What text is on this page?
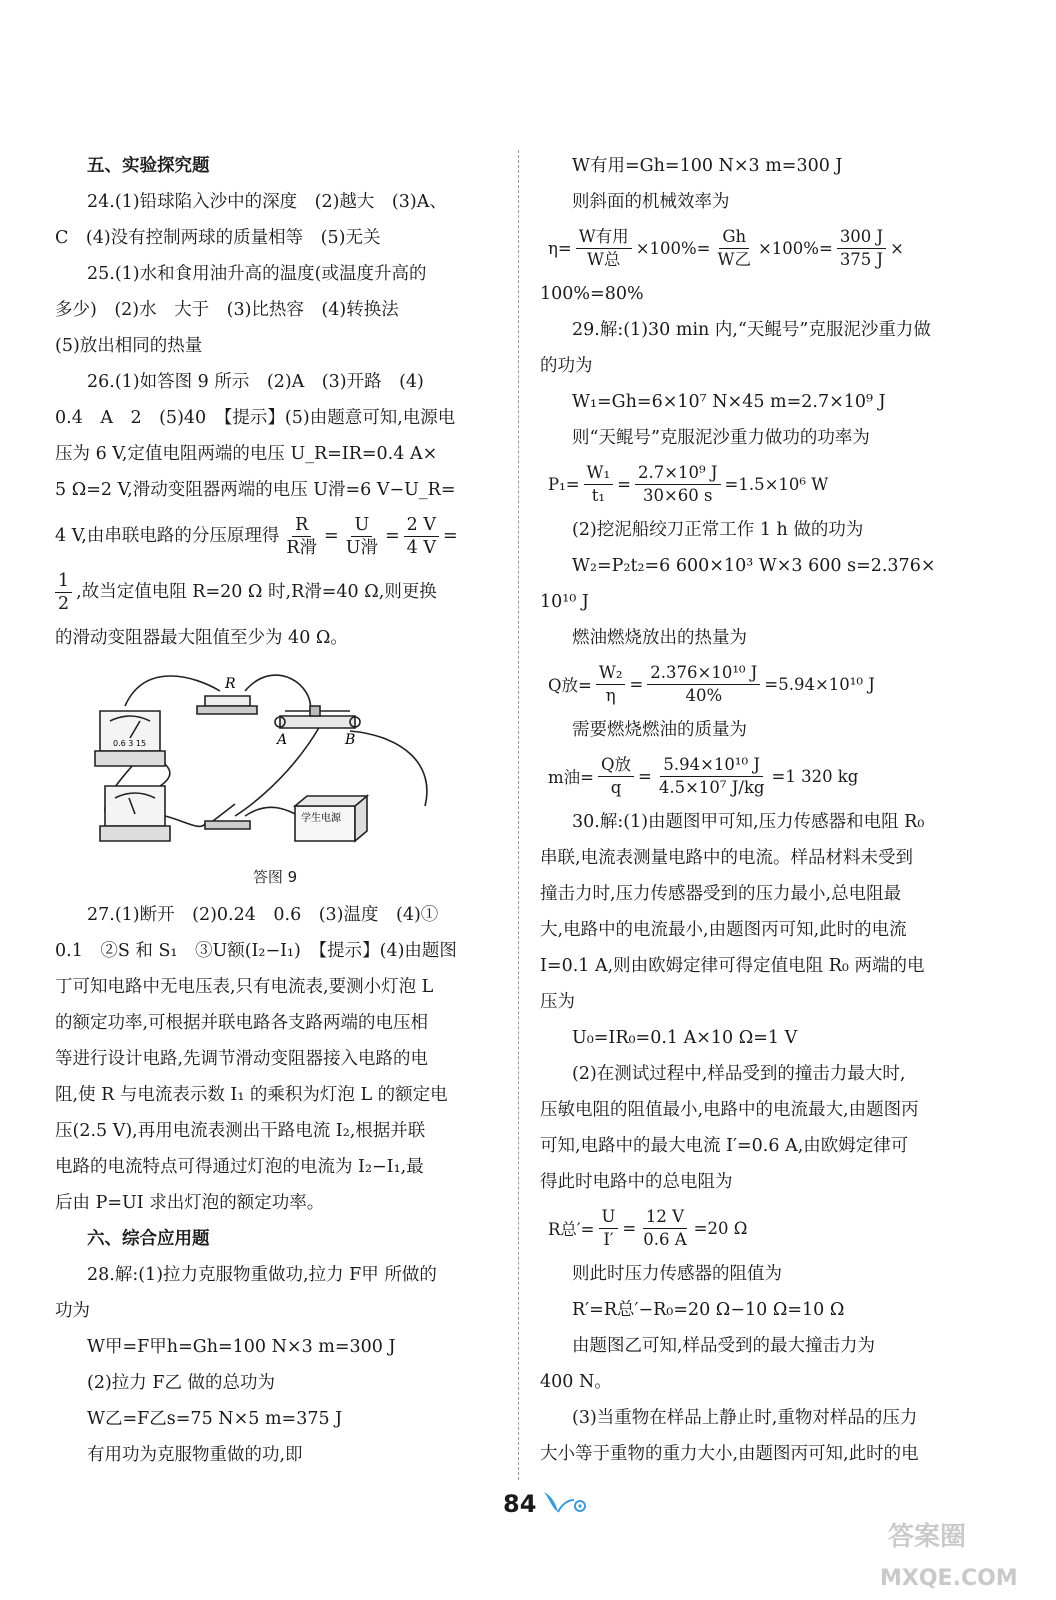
五、实验探究题
24.(1)铅球陷入沙中的深度　(2)越大　(3)A、
C　(4)没有控制两球的质量相等　(5)无关
25.(1)水和食用油升高的温度(或温度升高的
多少)　(2)水　大于　(3)比热容　(4)转换法
(5)放出相同的热量
26.(1)如答图 9 所示　(2)A　(3)开路　(4)
0.4　A　2　(5)40　【提示】(5)由题意可知,电源电
压为 6 V,定值电阻两端的电压 U_R=IR=0.4 A×
5 Ω=2 V,滑动变阻器两端的电压 U滑=6 V−U_R=
4 V,由串联电路的分压原理得 $\frac{R}{\text{R滑}} = \frac{U}{\text{U滑}} = \frac{2 V}{4 V}$ =
$\frac{1}{2}$ ,故当定值电阻 R=20 Ω 时,R滑=40 Ω,则更换
的滑动变阻器最大阻值至少为 40 Ω。
R
A	B
0.6 3 15
学生电源
答图 9
27.(1)断开　(2)0.24　0.6　(3)温度　(4)①
0.1　②S 和 S₁　③U额(I₂−I₁)　【提示】(4)由题图
丁可知电路中无电压表,只有电流表,要测小灯泡 L
的额定功率,可根据并联电路各支路两端的电压相
等进行设计电路,先调节滑动变阻器接入电路的电
阻,使 R 与电流表示数 I₁ 的乘积为灯泡 L 的额定电
压(2.5 V),再用电流表测出干路电流 I₂,根据并联
电路的电流特点可得通过灯泡的电流为 I₂−I₁,最
后由 P=UI 求出灯泡的额定功率。
六、综合应用题
28.解:(1)拉力克服物重做功,拉力 F甲 所做的
功为
W甲=F甲h=Gh=100 N×3 m=300 J
(2)拉力 F乙 做的总功为
W乙=F乙s=75 N×5 m=375 J
有用功为克服物重做的功,即
W有用=Gh=100 N×3 m=300 J
则斜面的机械效率为
$\eta= \frac{\text{W有用}}{\text{W总}} \times 100\%= \frac{Gh}{\text{W乙}} \times 100\%= \frac{300 J}{375 J}$ ×
100%=80%
29.解:(1)30 min 内,“天鲲号”克服泥沙重力做
的功为
W₁=Gh=6×10⁷ N×45 m=2.7×10⁹ J
则“天鲲号”克服泥沙重力做功的功率为
$P_1= \frac{\text{W₁}}{\text{t₁}} = \frac{\text{2.7×10⁹ J}}{30\times 60 s} =1.5\times 10^6$ W
(2)挖泥船绞刀正常工作 1 h 做的功为
W₂=P₂t₂=6 600×10³ W×3 600 s=2.376×
10¹⁰ J
燃油燃烧放出的热量为
Q放= $\frac{\text{W₂}}{\eta} = \frac{\text{2.376×10¹⁰ J}}{40\%} =5.94\times 10^{10}$ J
需要燃烧燃油的质量为
m油= $\frac{\text{Q放}}{q} = \frac{\text{5.94×10¹⁰ J}}{\text{4.5×10⁷ J/kg}} =1$ 320 kg
30.解:(1)由题图甲可知,压力传感器和电阻 R₀
串联,电流表测量电路中的电流。样品材料未受到
撞击力时,压力传感器受到的压力最小,总电阻最
大,电路中的电流最小,由题图丙可知,此时的电流
I=0.1 A,则由欧姆定律可得定值电阻 R₀ 两端的电
压为
U₀=IR₀=0.1 A×10 Ω=1 V
(2)在测试过程中,样品受到的撞击力最大时,
压敏电阻的阻值最小,电路中的电流最大,由题图丙
可知,电路中的最大电流 I′=0.6 A,由欧姆定律可
得此时电路中的总电阻为
R总′= $\frac{U}{I'} = \frac{12 V}{0.6 A} =20$ Ω
则此时压力传感器的阻值为
R′=R总′−R₀=20 Ω−10 Ω=10 Ω
由题图乙可知,样品受到的最大撞击力为
400 N。
(3)当重物在样品上静止时,重物对样品的压力
大小等于重物的重力大小,由题图丙可知,此时的电
84
答案圈
MXQE.COM
